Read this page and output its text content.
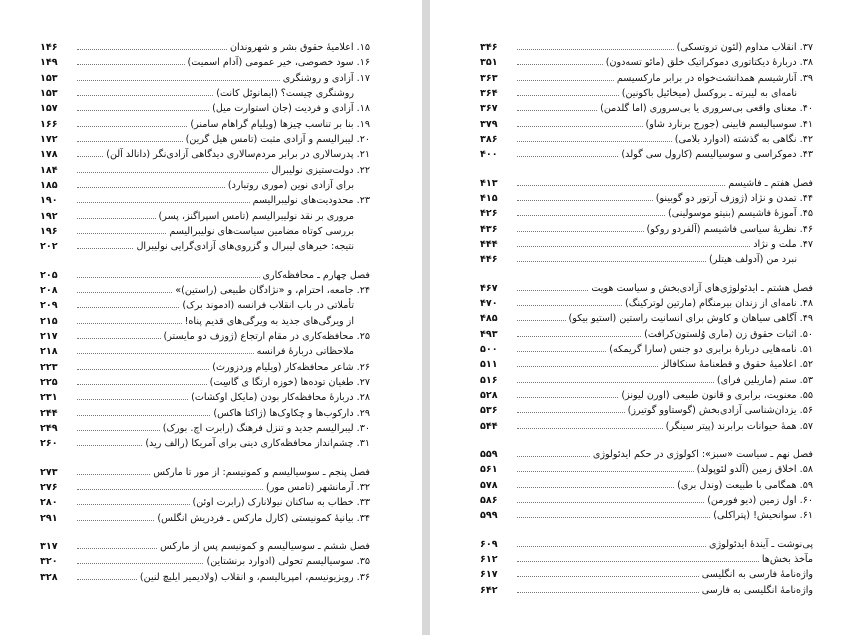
۱۵. اعلامیهٔ حقوق بشر و شهروندان
۱۴۶
۱۶. سود خصوصی، خیر عمومی (آدام اسمیت)
۱۴۹
۱۷. آزادی و روشنگری
۱۵۳
روشنگری چیست؟ (ایمانوئل کانت)
۱۵۳
۱۸. آزادی و فردیت (جان استوارت میل)
۱۵۷
۱۹. بنا بر تناسب چیزها (ویلیام گراهام سامنر)
۱۶۶
۲۰. لیبرالیسم و آزادی مثبت (تامس هیل گرین)
۱۷۲
۲۱. پدرسالاری در برابر مردم‌سالاری دیدگاهی آزادی‌نگر (دانالد آلن)
۱۷۸
۲۲. دولت‌ستیزی نولیبرال
۱۸۴
برای آزادی نوین (موری روتبارد)
۱۸۵
۲۳. محدودیت‌های نولیبرالیسم
۱۹۰
مروری بر نقد نولیبرالیسم (تامس اسپراگنز، پسر)
۱۹۲
بررسی کوتاه مضامین سیاست‌های نولیبرالیسم
۱۹۶
نتیجه: خیرهای لیبرال و گزروی‌های آزادی‌گرایی نولیبرال
۲۰۲
فصل چهارم ـ محافظه‌کاری
۲۰۵
۲۴. جامعه، احترام، و «نژادگان طبیعی (راستین)»
۲۰۸
تأملاتی در باب انقلاب فرانسه (ادموند برک)
۲۰۹
از ویرگی‌های جدید به ویرگی‌های قدیم پناه!
۲۱۵
۲۵. محافظه‌کاری در مقام ارتجاع (ژوزف دو مایستر)
۲۱۷
ملاحظاتی دربارهٔ فرانسه
۲۱۸
۲۶. شاعر محافظه‌کار (ویلیام وردزورث)
۲۲۳
۲۷. طغیان توده‌ها (خوزه ارتگا ی گاسِت)
۲۲۵
۲۸. دربارهٔ محافظه‌کار بودن (مایکل اوکشات)
۲۳۱
۲۹. دارکوب‌ها و چکاوک‌ها (ژاکتا هاکس)
۲۴۴
۳۰. لیبرالیسم جدید و تنزل فرهنگ (رابرت اچ. بورک)
۲۴۹
۳۱. چشم‌انداز محافظه‌کاری دینی برای آمریکا (رالف رید)
۲۶۰
فصل پنجم ـ سوسیالیسم و کمونیسم: از مور تا مارکس
۲۷۳
۳۲. آرمانشهر (تامس مور)
۲۷۶
۳۳. خطاب به ساکنان نیولانارک (رابرت اوئن)
۲۸۰
۳۴. بیانیهٔ کمونیستی (کارل مارکس ـ فردریش انگلس)
۲۹۱
فصل ششم ـ سوسیالیسم و کمونیسم پس از مارکس
۳۱۷
۳۵. سوسیالیسم تحولی (ادوارد برنشتاین)
۳۲۰
۳۶. رویزیونیسم، امپریالیسم، و انقلاب (ولادیمیر ایلیچ لنین)
۳۲۸
۳۷. انقلاب مداوم (لئون تروتسکی)
۳۴۶
۳۸. دربارهٔ دیکتاتوری دموکراتیک خلق (مائو تسه‌دون)
۳۵۱
۳۹. آنارشیسم همدانشت‌خواه در برابر مارکسیسم
۳۶۳
نامه‌ای به لیبرته ـ بروکسل (میخائیل باکونین)
۳۶۴
۴۰. معنای واقعی بی‌سروری یا بی‌سروری (اما گلدمن)
۳۶۷
۴۱. سوسیالیسم فابینی (جورج برنارد شاو)
۳۷۹
۴۲. نگاهی به گذشته (ادوارد بلامی)
۳۸۶
۴۳. دموکراسی و سوسیالیسم (کارول سی گولد)
۴۰۰
فصل هفتم ـ فاشیسم
۴۱۳
۴۴. تمدن و نژاد (ژوزف آرتور دو گوبینو)
۴۱۵
۴۵. آموزهٔ فاشیسم (بنیتو موسولینی)
۴۲۶
۴۶. نظریهٔ سیاسی فاشیسم (آلفردو روکو)
۴۳۶
۴۷. ملت و نژاد
۴۴۴
نبرد من (آدولف هیتلر)
۴۴۶
فصل هشتم ـ ایدئولوژی‌های آزادی‌بخش و سیاست هویت
۴۶۷
۴۸. نامه‌ای از زندان بیرمنگام (مارتین لوترکینگ)
۴۷۰
۴۹. آگاهی سیاهان و کاوش برای انسانیت راستین (استیو بیکو)
۴۸۵
۵۰. اثبات حقوق زن (ماری وُلستون‌کرافت)
۴۹۳
۵۱. نامه‌هایی دربارهٔ برابری دو جنس (سارا گریمکه)
۵۰۰
۵۲. اعلامیهٔ حقوق و قطعنامهٔ سنکافالز
۵۱۱
۵۳. ستم (ماریلین فرای)
۵۱۶
۵۵. معنویت، برابری و قانون طبیعی (اورن لیونز)
۵۲۸
۵۶. یزدان‌شناسی آزادی‌بخش (گوستاوو گوتیرز)
۵۳۶
۵۷. همهٔ حیوانات برابرند (پیتر سینگر)
۵۴۴
فصل نهم ـ سیاست «سبز»: اکولوژی در حکم ایدئولوژی
۵۵۹
۵۸. اخلاق زمین (آلدو لئوپولد)
۵۶۱
۵۹. همگامی با طبیعت (وندل بری)
۵۷۸
۶۰. اول زمین (دیو فورمن)
۵۸۶
۶۱. سوانحیش! (پتراکلی)
۵۹۹
پی‌نوشت ـ آیندهٔ ایدئولوژی
۶۰۹
مآخذ بخش‌ها
۶۱۲
واژه‌نامهٔ فارسی به انگلیسی
۶۱۷
واژه‌نامهٔ انگلیسی به فارسی
۶۴۲
